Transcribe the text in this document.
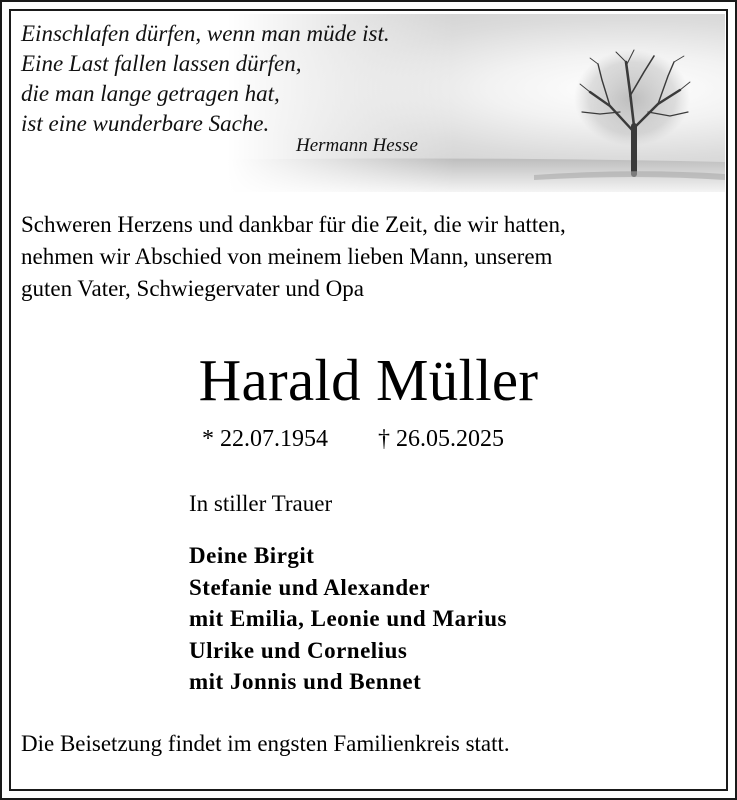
Einschlafen dürfen, wenn man müde ist.
Eine Last fallen lassen dürfen,
die man lange getragen hat,
ist eine wunderbare Sache.
Hermann Hesse
Schweren Herzens und dankbar für die Zeit, die wir hatten,
nehmen wir Abschied von meinem lieben Mann, unserem
guten Vater, Schwiegervater und Opa
Harald Müller
* 22.07.1954 † 26.05.2025
In stiller Trauer
Deine Birgit
Stefanie und Alexander
mit Emilia, Leonie und Marius
Ulrike und Cornelius
mit Jonnis und Bennet
Die Beisetzung findet im engsten Familienkreis statt.
